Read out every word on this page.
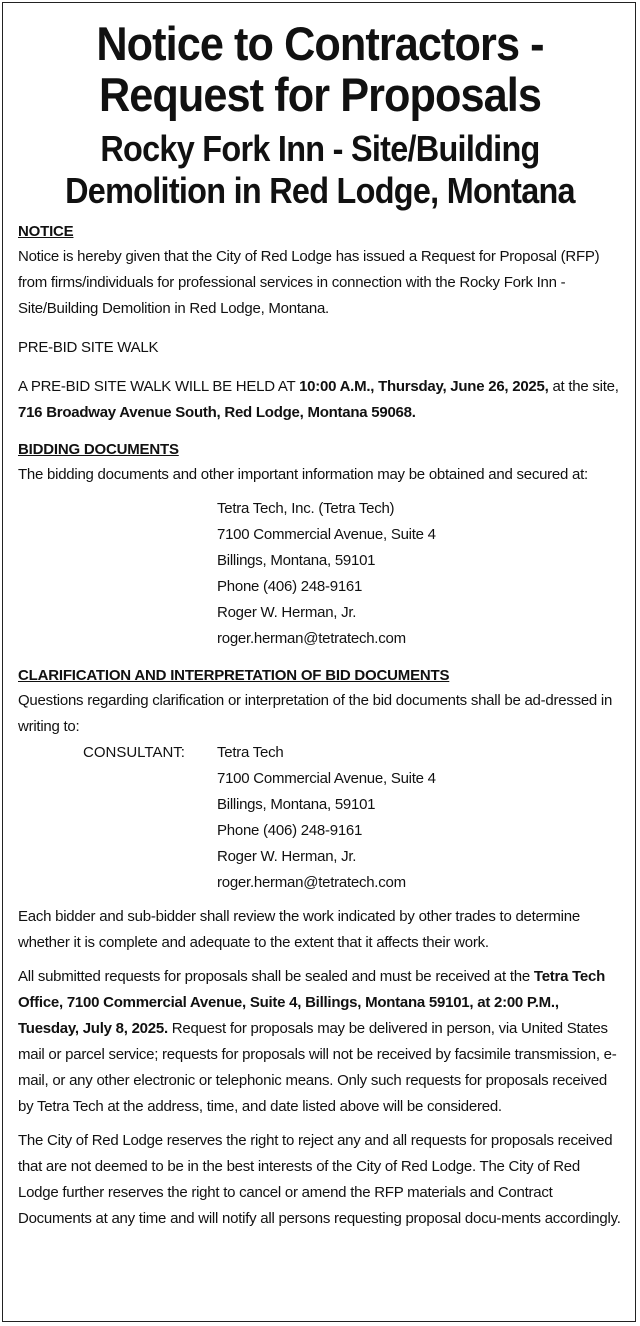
Notice to Contractors -
Request for Proposals
Rocky Fork Inn - Site/Building
Demolition in Red Lodge, Montana
NOTICE

Notice is hereby given that the City of Red Lodge has issued a Request for Proposal (RFP) from firms/individuals for professional services in connection with the Rocky Fork Inn - Site/Building Demolition in Red Lodge, Montana.

PRE-BID SITE WALK

A PRE-BID SITE WALK WILL BE HELD AT 10:00 A.M., Thursday, June 26, 2025, at the site, 716 Broadway Avenue South, Red Lodge, Montana 59068.

BIDDING DOCUMENTS

The bidding documents and other important information may be obtained and secured at:

Tetra Tech, Inc. (Tetra Tech)
7100 Commercial Avenue, Suite 4
Billings, Montana, 59101
Phone (406) 248-9161
Roger W. Herman, Jr.
roger.herman@tetratech.com
CLARIFICATION AND INTERPRETATION OF BID DOCUMENTS

Questions regarding clarification or interpretation of the bid documents shall be ad-dressed in writing to:

CONSULTANT:	Tetra Tech
7100 Commercial Avenue, Suite 4
Billings, Montana, 59101
Phone (406) 248-9161
Roger W. Herman, Jr.
roger.herman@tetratech.com

Each bidder and sub-bidder shall review the work indicated by other trades to determine whether it is complete and adequate to the extent that it affects their work.

All submitted requests for proposals shall be sealed and must be received at the Tetra Tech Office, 7100 Commercial Avenue, Suite 4, Billings, Montana 59101, at 2:00 P.M., Tuesday, July 8, 2025. Request for proposals may be delivered in person, via United States mail or parcel service; requests for proposals will not be received by facsimile transmission, e-mail, or any other electronic or telephonic means. Only such requests for proposals received by Tetra Tech at the address, time, and date listed above will be considered.

The City of Red Lodge reserves the right to reject any and all requests for proposals received that are not deemed to be in the best interests of the City of Red Lodge. The City of Red Lodge further reserves the right to cancel or amend the RFP materials and Contract Documents at any time and will notify all persons requesting proposal docu-ments accordingly.
